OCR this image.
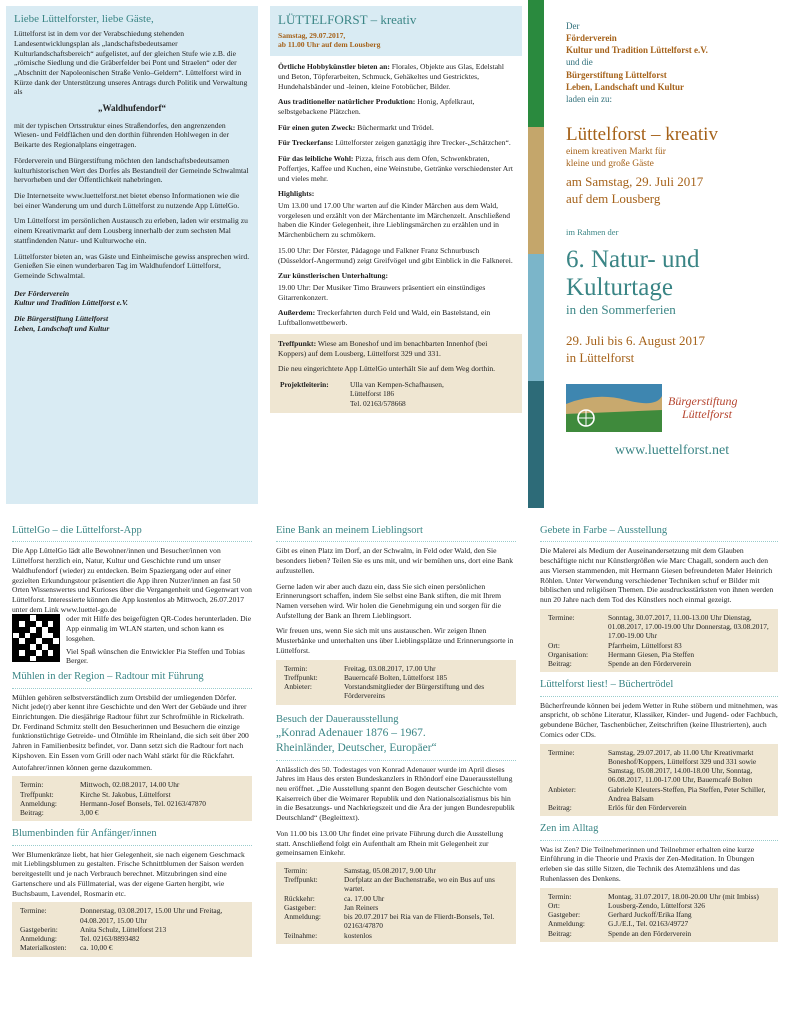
Liebe Lüttelforster, liebe Gäste,

Lüttelforst ist in dem vor der Verabschiedung stehenden Landesentwicklungsplan als „landschaftsbedeutsamer Kulturlandschaftsbereich“ aufgelistet, auf der gleichen Stufe wie z.B. die „römische Siedlung und die Gräberfelder bei Pont und Straelen“ oder der „Abschnitt der Napoleonischen Straße Venlo–Geldern“. Lüttelforst wird in Kürze dank der Unterstützung unseres Antrags durch Politik und Verwaltung als

„Waldhufendorf“

mit der typischen Ortsstruktur eines Straßendorfes, den angrenzenden Wiesen- und Feldflächen und den dorthin führenden Hohlwegen in der Beikarte des Regionalplans eingetragen.

Förderverein und Bürgerstiftung möchten den landschaftsbedeutsamen kulturhistorischen Wert des Dorfes als Bestandteil der Gemeinde Schwalmtal hervorheben und der Öffentlichkeit nahebringen.

Die Internetseite www.luettelforst.net bietet ebenso Informationen wie die bei einer Wanderung um und durch Lüttelforst zu nutzende App LüttelGo.

Um Lüttelforst im persönlichen Austausch zu erleben, laden wir erstmalig zu einem Kreativmarkt auf dem Lousberg innerhalb der zum sechsten Mal stattfindenden Natur- und Kulturwoche ein.

Lüttelforster bieten an, was Gäste und Einheimische gewiss ansprechen wird. Genießen Sie einen wunderbaren Tag im Waldhufendorf Lüttelforst, Gemeinde Schwalmtal.

Der Förderverein
Kultur und Tradition Lüttelforst e.V.
Die Bürgerstiftung Lüttelforst
Leben, Landschaft und Kultur
LÜTTELFORST – kreativ
Samstag, 29.07.2017,
ab 11.00 Uhr auf dem Lousberg

Örtliche Hobbykünstler bieten an: Florales, Objekte aus Glas, Edelstahl und Beton, Töpferarbeiten, Schmuck, Gehäkeltes und Gestricktes, Hundehalsbänder und -leinen, kleine Fotobücher, Bilder.

Aus traditioneller natürlicher Produktion: Honig, Apfelkraut, selbstgebackene Plätzchen.

Für einen guten Zweck: Büchermarkt und Trödel.

Für Treckerfans: Lüttelforster zeigen ganztägig ihre Trecker-„Schätzchen“.

Für das leibliche Wohl: Pizza, frisch aus dem Ofen, Schwenkbraten, Poffertjes, Kaffee und Kuchen, eine Weinstube, Getränke verschiedenster Art und vieles mehr.

Highlights:

Um 13.00 und 17.00 Uhr warten auf die Kinder Märchen aus dem Wald, vorgelesen und erzählt von der Märchentante im Märchenzelt. Anschließend haben die Kinder Gelegenheit, ihre Lieblingsmärchen zu erzählen und in Märchenbüchern zu schmökern.

15.00 Uhr: Der Förster, Pädagoge und Falkner Franz Schnurbusch (Düsseldorf-Angermund) zeigt Greifvögel und gibt Einblick in die Falknerei.

Zur künstlerischen Unterhaltung:

19.00 Uhr: Der Musiker Timo Brauwers präsentiert ein einstündiges Gitarrenkonzert.

Außerdem: Treckerfahrten durch Feld und Wald, ein Bastelstand, ein Luftballonwettbewerb.

Treffpunkt: Wiese am Boneshof und im benachbarten Innenhof (bei Koppers) auf dem Lousberg, Lüttelforst 329 und 331.

Die neu eingerichtete App LüttelGo unterhält Sie auf dem Weg dorthin.

Projektleiterin:	Ulla van Kempen-Schafhausen,
Lüttelforst 186
Tel. 02163/578668
Der
Förderverein
Kultur und Tradition Lüttelforst e.V.
und die
Bürgerstiftung Lüttelforst
Leben, Landschaft und Kultur
laden ein zu:
Lüttelforst – kreativ
einem kreativen Markt für
kleine und große Gäste
am Samstag, 29. Juli 2017
auf dem Lousberg
im Rahmen der
6. Natur- und
Kulturtage
in den Sommerferien
29. Juli bis 6. August 2017
in Lüttelforst
Bürgerstiftung
Lüttelforst
www.luettelforst.net
LüttelGo – die Lüttelforst-App

Die App LüttelGo lädt alle Bewohner/innen und Besucher/innen von Lüttelforst herzlich ein, Natur, Kultur und Geschichte rund um unser Waldhufendorf (wieder) zu entdecken. Beim Spaziergang oder auf einer gezielten Erkundungstour präsentiert die App ihren Nutzer/innen an fast 50 Orten Wissenswertes und Kurioses über die Vergangenheit und Gegenwart von Lüttelforst. Interessierte können die App kostenlos ab Mittwoch, 26.07.2017 unter dem Link www.luettel-go.de

oder mit Hilfe des beigefügten QR-Codes herunterladen. Die App einmalig im WLAN starten, und schon kann es losgehen.

Viel Spaß wünschen die Entwickler Pia Steffen und Tobias Berger.

Mühlen in der Region – Radtour mit Führung

Mühlen gehören selbstverständlich zum Ortsbild der umliegenden Dörfer. Nicht jede(r) aber kennt ihre Geschichte und den Wert der Gebäude und ihrer Einrichtungen. Die diesjährige Radtour führt zur Schrofmühle in Rickelrath. Dr. Ferdinand Schmitz stellt den Besucherinnen und Besuchern die einzige funktionstüchtige Getreide- und Ölmühle im Rheinland, die sich seit über 200 Jahren in Familienbesitz befindet, vor. Dann setzt sich die Radtour fort nach Kipshoven. Ein Essen vom Grill oder nach Wahl stärkt für die Rückfahrt.

Autofahrer/innen können gerne dazukommen.

Termin:	Mittwoch, 02.08.2017, 14.00 Uhr
Treffpunkt:	Kirche St. Jakobus, Lüttelforst
Anmeldung:	Hermann-Josef Bonsels, Tel. 02163/47870
Beitrag:	3,00 €
Blumenbinden für Anfänger/innen

Wer Blumenkränze liebt, hat hier Gelegenheit, sie nach eigenem Geschmack mit Lieblingsblumen zu gestalten. Frische Schnittblumen der Saison werden bereitgestellt und je nach Verbrauch berechnet. Mitzubringen sind eine Gartenschere und als Füllmaterial, was der eigene Garten hergibt, wie Buchsbaum, Lavendel, Rosmarin etc.

Termine:	Donnerstag, 03.08.2017, 15.00 Uhr und Freitag, 04.08.2017, 15.00 Uhr
Gastgeberin:	Anita Schulz, Lüttelforst 213
Anmeldung:	Tel. 02163/8893482
Materialkosten:	ca. 10,00 €
Eine Bank an meinem Lieblingsort

Gibt es einen Platz im Dorf, an der Schwalm, in Feld oder Wald, den Sie besonders lieben? Teilen Sie es uns mit, und wir bemühen uns, dort eine Bank aufzustellen.

Gerne laden wir aber auch dazu ein, dass Sie sich einen persönlichen Erinnerungsort schaffen, indem Sie selbst eine Bank stiften, die mit Ihrem Namen versehen wird. Wir holen die Genehmigung ein und sorgen für die Aufstellung der Bank an Ihrem Lieblingsort.

Wir freuen uns, wenn Sie sich mit uns austauschen. Wir zeigen Ihnen Musterbänke und unterhalten uns über Lieblingsplätze und Erinnerungsorte in Lüttelforst.

Termin:	Freitag, 03.08.2017, 17.00 Uhr
Treffpunkt:	Bauerncafé Bolten, Lüttelforst 185
Anbieter:	Vorstandsmitglieder der Bürgerstiftung und des Fördervereins
Besuch der Dauerausstellung
„Konrad Adenauer 1876 – 1967.
Rheinländer, Deutscher, Europäer“

Anlässlich des 50. Todestages von Konrad Adenauer wurde im April dieses Jahres im Haus des ersten Bundeskanzlers in Rhöndorf eine Dauerausstellung neu eröffnet. „Die Ausstellung spannt den Bogen deutscher Geschichte vom Kaiserreich über die Weimarer Republik und den Nationalsozialismus bis hin in die Besatzungs- und Nachkriegszeit und die Ära der jungen Bundesrepublik Deutschland“ (Begleittext).

Von 11.00 bis 13.00 Uhr findet eine private Führung durch die Ausstellung statt. Anschließend folgt ein Aufenthalt am Rhein mit Gelegenheit zur gemeinsamen Einkehr.

Termin:	Samstag, 05.08.2017, 9.00 Uhr
Treffpunkt:	Dorfplatz an der Buchenstraße, wo ein Bus auf uns wartet.
Rückkehr:	ca. 17.00 Uhr
Gastgeber:	Jan Reiners
Anmeldung:	bis 20.07.2017 bei Ria van de Flierdt-Bonsels, Tel. 02163/47870
Teilnahme:	kostenlos
Gebete in Farbe – Ausstellung

Die Malerei als Medium der Auseinandersetzung mit dem Glauben beschäftigte nicht nur Künstlergrößen wie Marc Chagall, sondern auch den aus Viersen stammenden, mit Hermann Giesen befreundeten Maler Heinrich Röhlen. Unter Verwendung verschiedener Techniken schuf er Bilder mit biblischen und religiösen Themen. Die ausdrucksstärksten von ihnen werden nun 20 Jahre nach dem Tod des Künstlers noch einmal gezeigt.

Termine:	Sonntag, 30.07.2017, 11.00-13.00 Uhr Dienstag, 01.08.2017, 17.00-19.00 Uhr Donnerstag, 03.08.2017, 17.00-19.00 Uhr
Ort:	Pfarrheim, Lüttelforst 83
Organisation:	Hermann Giesen, Pia Steffen
Beitrag:	Spende an den Förderverein
Lüttelforst liest! – Büchertrödel

Bücherfreunde können bei jedem Wetter in Ruhe stöbern und mitnehmen, was anspricht, ob schöne Literatur, Klassiker, Kinder- und Jugend- oder Fachbuch, gebundene Bücher, Taschenbücher, Zeitschriften (keine Illustrierten), auch Comics oder CDs.

Termine:	Samstag, 29.07.2017, ab 11.00 Uhr Kreativmarkt Boneshof/Koppers, Lüttelforst 329 und 331 sowie Samstag, 05.08.2017, 14.00-18.00 Uhr, Sonntag, 06.08.2017, 11.00-17.00 Uhr, Bauerncafé Bolten
Anbieter:	Gabriele Kleuters-Steffen, Pia Steffen, Peter Schiller, Andrea Balsam
Beitrag:	Erlös für den Förderverein
Zen im Alltag

Was ist Zen? Die Teilnehmerinnen und Teilnehmer erhalten eine kurze Einführung in die Theorie und Praxis der Zen-Meditation. In Übungen erleben sie das stille Sitzen, die Technik des Atemzählens und das Ruhenlassen des Denkens.

Termin:	Montag, 31.07.2017, 18.00-20.00 Uhr (mit Imbiss)
Ort:	Lousberg-Zendo, Lüttelforst 326
Gastgeber:	Gerhard Juckoff/Erika Ifang
Anmeldung:	G.J./E.I., Tel. 02163/49727
Beitrag:	Spende an den Förderverein
